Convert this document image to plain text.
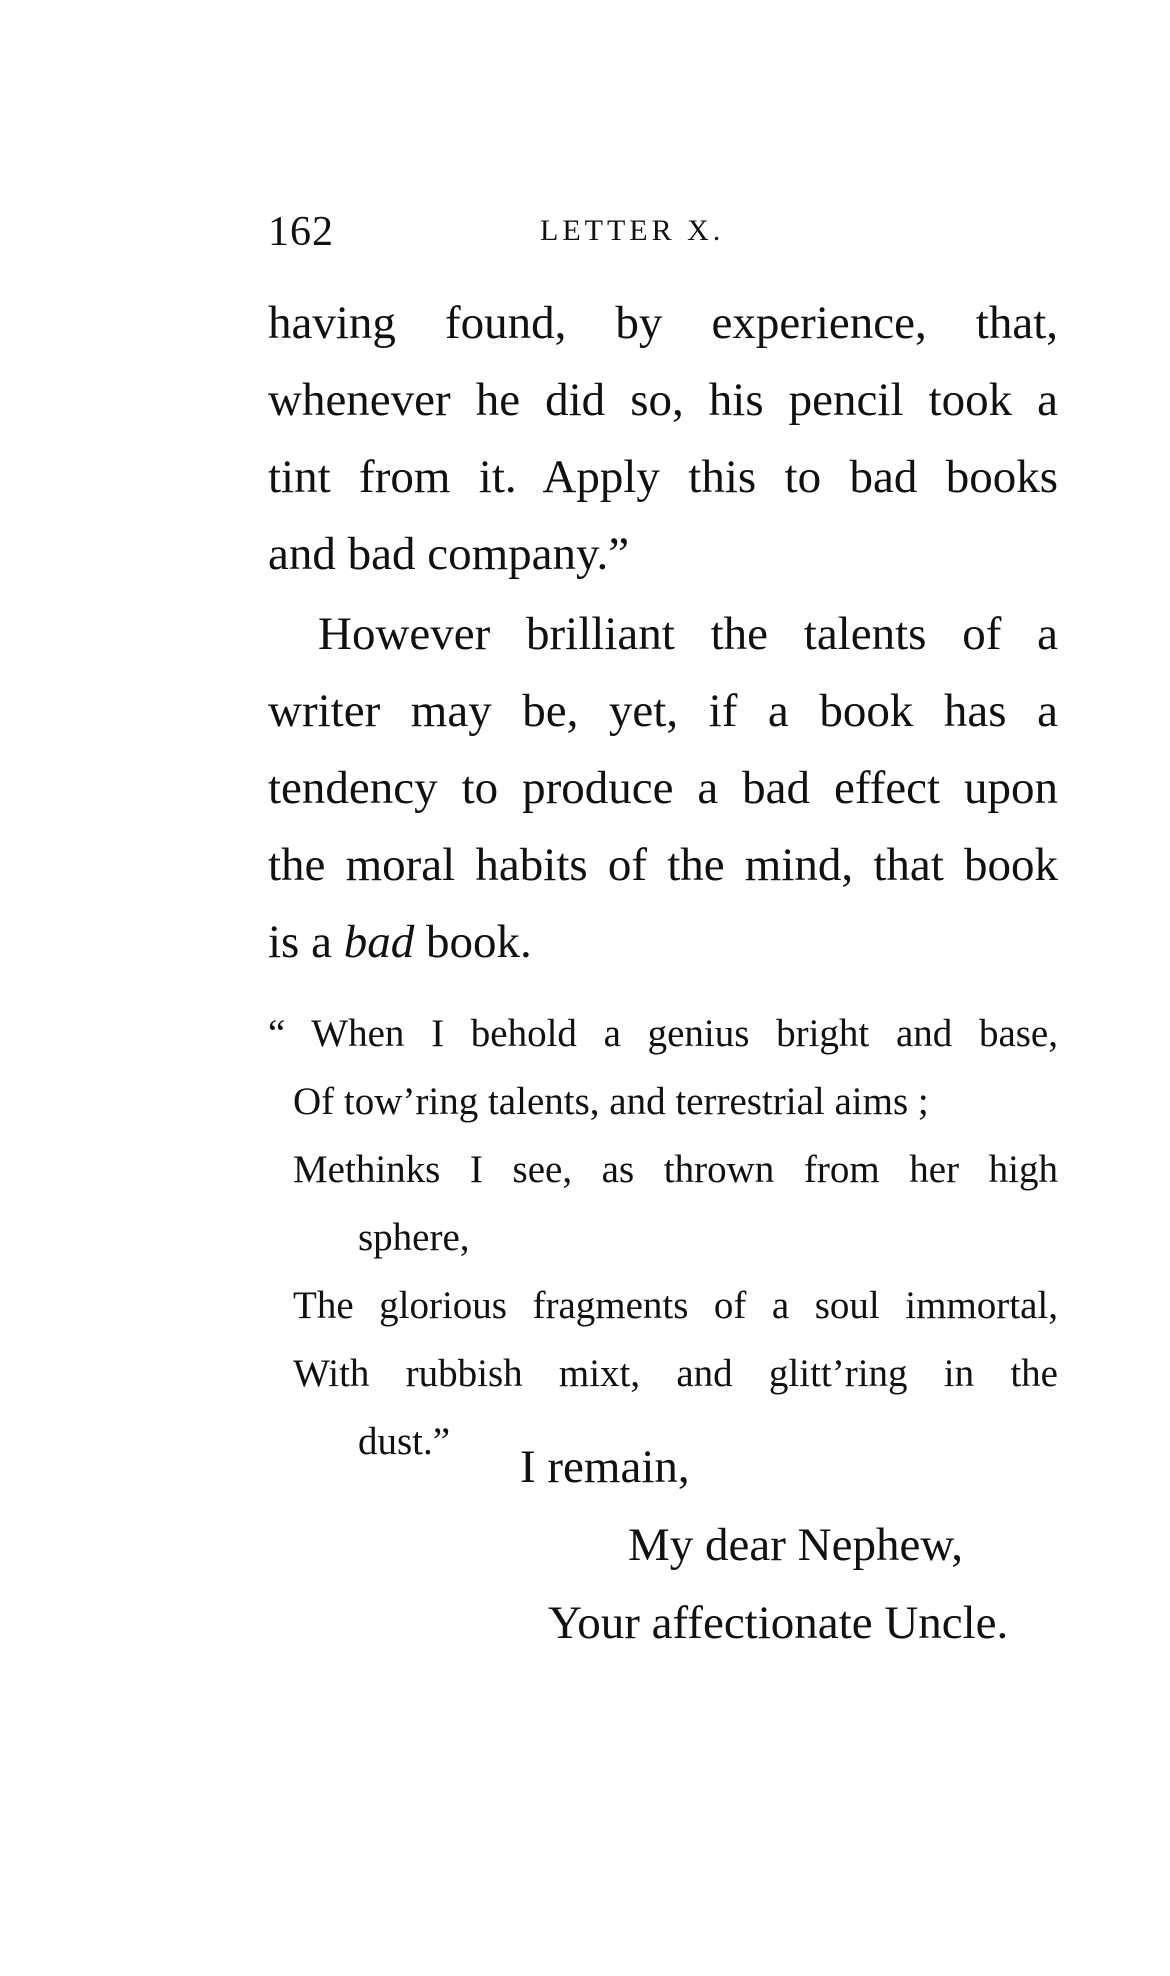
162	LETTER X.
having found, by experience, that,
whenever he did so, his pencil took a
tint from it. Apply this to bad books
and bad company.”
However brilliant the talents of a
writer may be, yet, if a book has a
tendency to produce a bad effect upon
the moral habits of the mind, that book
is a bad book.
“ When I behold a genius bright and base,
Of tow’ring talents, and terrestrial aims ;
Methinks I see, as thrown from her high
sphere,
The glorious fragments of a soul immortal,
With rubbish mixt, and glitt’ring in the
dust.”	I remain,
My dear Nephew,
Your affectionate Uncle.
